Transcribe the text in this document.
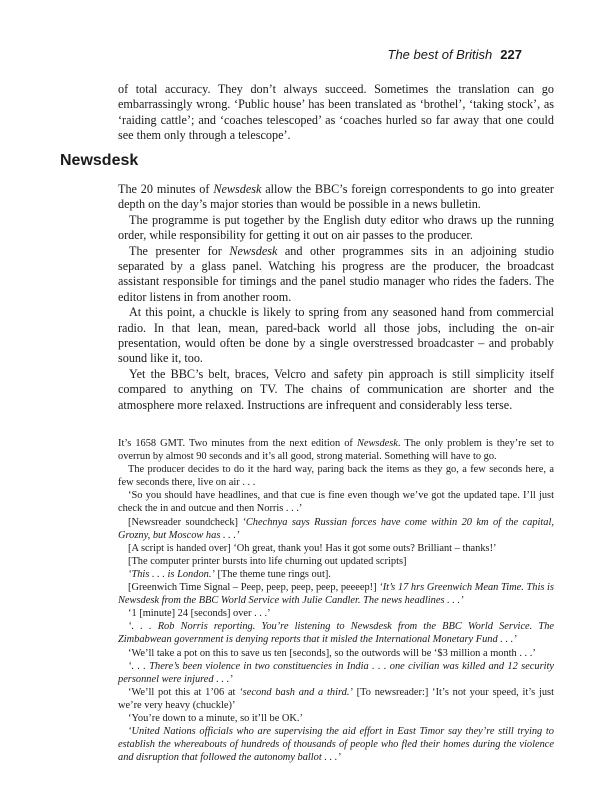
The best of British 227

of total accuracy. They don’t always succeed. Sometimes the translation can go embarrassingly wrong. ‘Public house’ has been translated as ‘brothel’, ‘taking stock’, as ‘raiding cattle’; and ‘coaches telescoped’ as ‘coaches hurled so far away that one could see them only through a telescope’.

Newsdesk

The 20 minutes of Newsdesk allow the BBC’s foreign correspondents to go into greater depth on the day’s major stories than would be possible in a news bulletin.

The programme is put together by the English duty editor who draws up the running order, while responsibility for getting it out on air passes to the producer.

The presenter for Newsdesk and other programmes sits in an adjoining studio separated by a glass panel. Watching his progress are the producer, the broadcast assistant responsible for timings and the panel studio manager who rides the faders. The editor listens in from another room.

At this point, a chuckle is likely to spring from any seasoned hand from commercial radio. In that lean, mean, pared-back world all those jobs, including the on-air presentation, would often be done by a single overstressed broadcaster – and probably sound like it, too.

Yet the BBC’s belt, braces, Velcro and safety pin approach is still simplicity itself compared to anything on TV. The chains of communication are shorter and the atmosphere more relaxed. Instructions are infrequent and considerably less terse.

It’s 1658 GMT. Two minutes from the next edition of Newsdesk. The only problem is they’re set to overrun by almost 90 seconds and it’s all good, strong material. Something will have to go.

The producer decides to do it the hard way, paring back the items as they go, a few seconds here, a few seconds there, live on air . . .

‘So you should have headlines, and that cue is fine even though we’ve got the updated tape. I’ll just check the in and outcue and then Norris . . .’

[Newsreader soundcheck] ‘Chechnya says Russian forces have come within 20 km of the capital, Grozny, but Moscow has . . .’

[A script is handed over] ‘Oh great, thank you! Has it got some outs? Brilliant – thanks!’

[The computer printer bursts into life churning out updated scripts]

‘This . . . is London.’ [The theme tune rings out].

[Greenwich Time Signal – Peep, peep, peep, peep, peeeep!] ‘It’s 17 hrs Greenwich Mean Time. This is Newsdesk from the BBC World Service with Julie Candler. The news headlines . . .’

‘1 [minute] 24 [seconds] over . . .’

‘. . . Rob Norris reporting. You’re listening to Newsdesk from the BBC World Service. The Zimbabwean government is denying reports that it misled the International Monetary Fund . . .’

‘We’ll take a pot on this to save us ten [seconds], so the outwords will be ‘$3 million a month . . .’

‘. . . There’s been violence in two constituencies in India . . . one civilian was killed and 12 security personnel were injured . . .’

‘We’ll pot this at 1’06 at ‘second bash and a third.’ [To newsreader:] ‘It’s not your speed, it’s just we’re very heavy (chuckle)’

‘You’re down to a minute, so it’ll be OK.’

‘United Nations officials who are supervising the aid effort in East Timor say they’re still trying to establish the whereabouts of hundreds of thousands of people who fled their homes during the violence and disruption that followed the autonomy ballot . . .’
